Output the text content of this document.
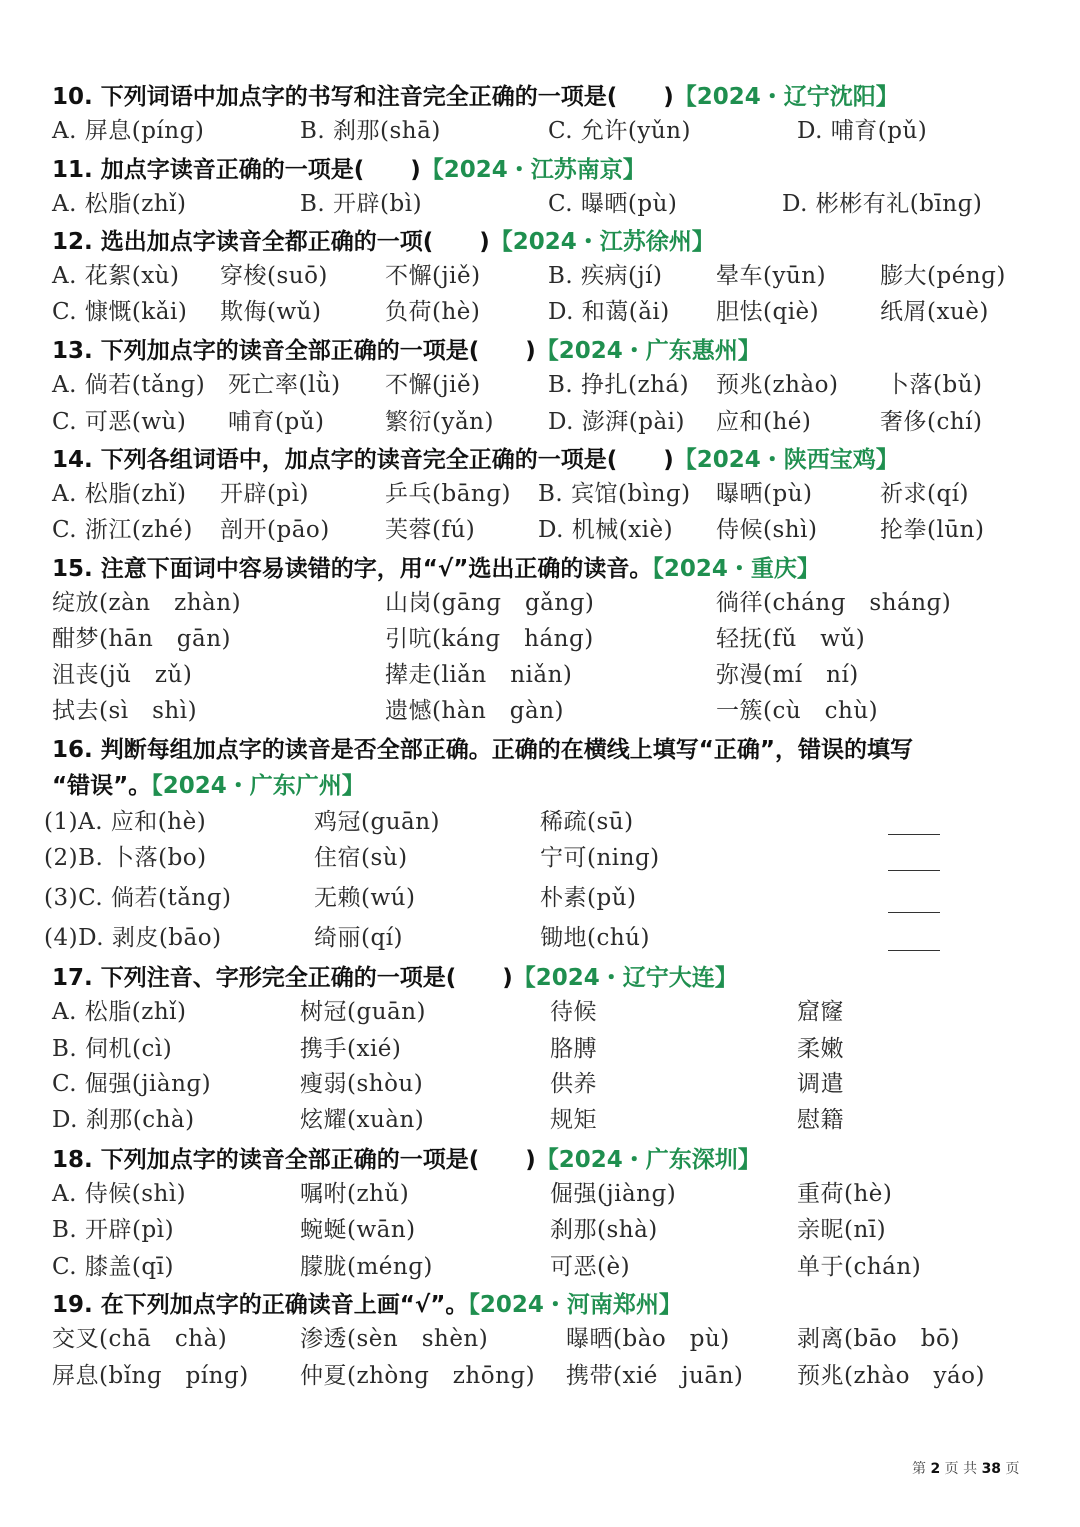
10. 下列词语中加点字的书写和注音完全正确的一项是(　　)【2024・辽宁沈阳】
A. 屏息(pínɡ)	B. 刹那(shā)	C. 允许(yǔn)	D. 哺育(pǔ)
11. 加点字读音正确的一项是(　　)【2024・江苏南京】
A. 松脂(zhǐ)	B. 开辟(bì)	C. 曝晒(pù)	D. 彬彬有礼(bīnɡ)
12. 选出加点字读音全都正确的一项(　　)【2024・江苏徐州】
A. 花絮(xù) 穿梭(suō) 不懈(jiě)	B. 疾病(jí) 晕车(yūn) 膨大(pénɡ)
C. 慷慨(kǎi) 欺侮(wǔ)	负荷(hè)	D. 和蔼(ǎi) 胆怯(qiè)	纸屑(xuè)
13. 下列加点字的读音全部正确的一项是(　　)【2024・广东惠州】
A. 倘若(tǎnɡ) 死亡率(lǜ) 不懈(jiě)	B. 挣扎(zhá) 预兆(zhào) 卜落(bǔ)
C. 可恶(wù) 哺育(pǔ)	繁衍(yǎn) D. 澎湃(pài) 应和(hé)	奢侈(chí)
14. 下列各组词语中，加点字的读音完全正确的一项是(　　)【2024・陕西宝鸡】
A. 松脂(zhǐ) 开辟(pì)	乒乓(bānɡ) B. 宾馆(bìnɡ) 曝晒(pù)	祈求(qí)
C. 浙江(zhé) 剖开(pāo) 芙蓉(fú)	D. 机械(xiè) 侍候(shì)	抡拳(lūn)
15. 注意下面词中容易读错的字，用“√”选出正确的读音。【2024・重庆】
绽放(zàn　zhàn)	山岗(gānɡ　gǎnɡ)	徜徉(chánɡ　shánɡ)
酣梦(hān　gān)	引吭(kánɡ　hánɡ)	轻抚(fǔ　wǔ)
沮丧(jǔ　zǔ)	撵走(liǎn　niǎn)	弥漫(mí　ní)
拭去(sì　shì)	遗憾(hàn　gàn)	一簇(cù　chù)
16. 判断每组加点字的读音是否全部正确。正确的在横线上填写“正确”，错误的填写
“错误”。【2024・广东广州】
(1)A. 应和(hè)	鸡冠(guān)	稀疏(sū)
(2)B. 卜落(bo)	住宿(sù)	宁可(ninɡ)
(3)C. 倘若(tǎnɡ)	无赖(wú)	朴素(pǔ)
(4)D. 剥皮(bāo)	绮丽(qí)	锄地(chú)
17. 下列注音、字形完全正确的一项是(　　)【2024・辽宁大连】
A. 松脂(zhǐ)	树冠(guān)	待候	窟窿
B. 伺机(cì)	携手(xié)	胳膊	柔嫩
C. 倔强(jiànɡ)	瘦弱(shòu)	供养	调遣
D. 刹那(chà)	炫耀(xuàn)	规矩	慰籍
18. 下列加点字的读音全部正确的一项是(　　)【2024・广东深圳】
A. 侍候(shì)	嘱咐(zhǔ)	倔强(jiànɡ)	重荷(hè)
B. 开辟(pì)	蜿蜒(wān)	刹那(shà)	亲昵(nī)
C. 膝盖(qī)	朦胧(ménɡ)	可恶(è)	单于(chán)
19. 在下列加点字的正确读音上画“√”。【2024・河南郑州】
交叉(chā　chà)	渗透(sèn　shèn)	曝晒(bào　pù)	剥离(bāo　bō)
屏息(bǐnɡ　pínɡ) 仲夏(zhònɡ　zhōnɡ) 携带(xié　juān) 预兆(zhào　yáo)
第 2 页 共 38 页
